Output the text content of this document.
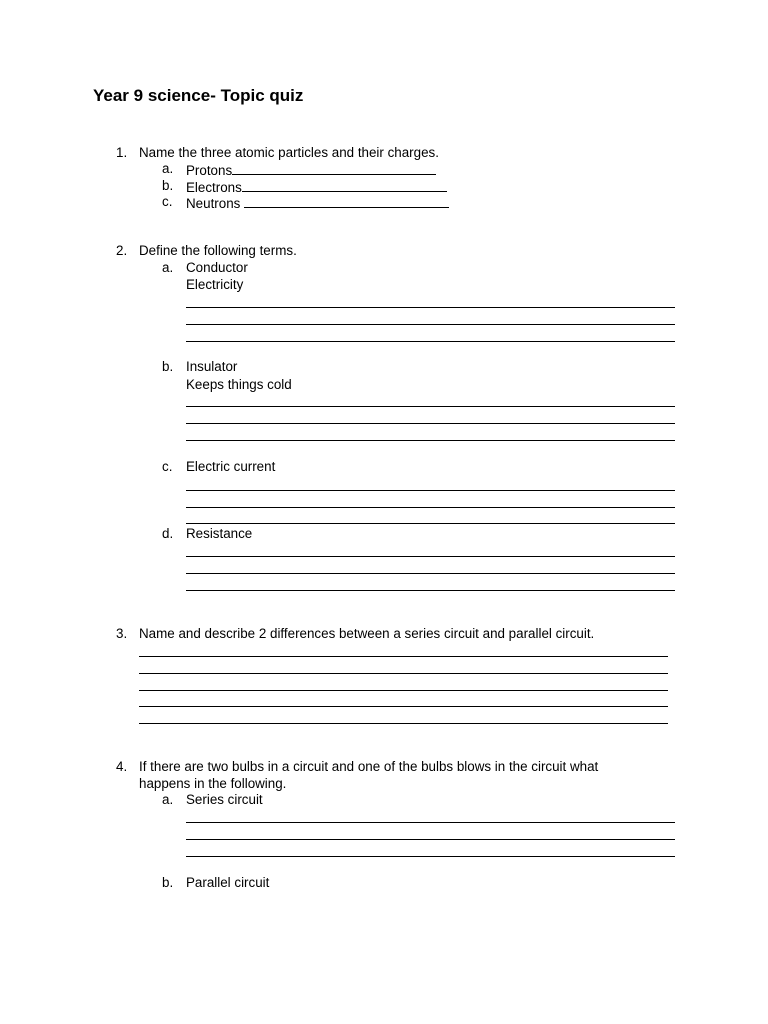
Year 9 science- Topic quiz
1. Name the three atomic particles and their charges.
a. Protons
b. Electrons
c. Neutrons
2. Define the following terms.
a. Conductor
Electricity
b. Insulator
Keeps things cold
c. Electric current
d. Resistance
3. Name and describe 2 differences between a series circuit and parallel circuit.
4. If there are two bulbs in a circuit and one of the bulbs blows in the circuit what
happens in the following.
a. Series circuit
b. Parallel circuit
